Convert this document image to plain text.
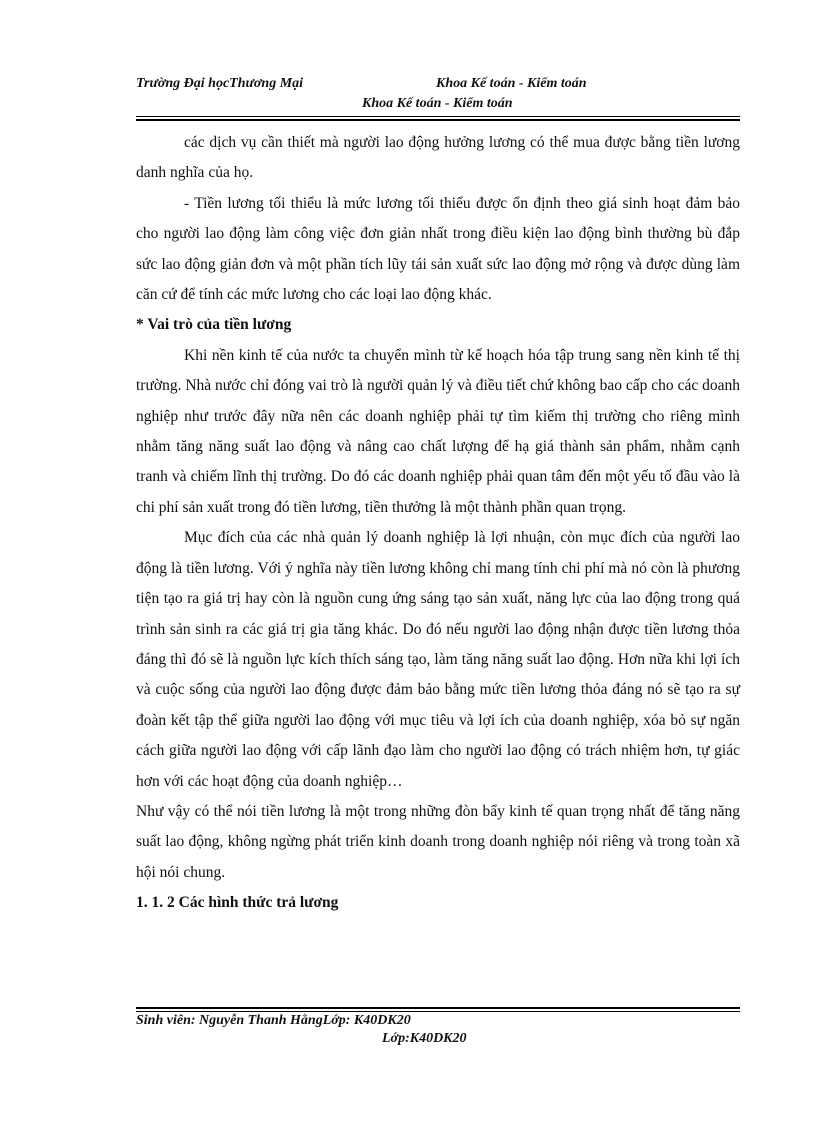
Trường Đại họcThương Mại	Khoa Kế toán - Kiểm toán
Khoa Kế toán - Kiểm toán

các dịch vụ cần thiết mà người lao động hưởng lương có thể mua được bằng tiền lương danh nghĩa của họ.

- Tiền lương tối thiểu là mức lương tối thiểu được ổn định theo giá sinh hoạt đảm bảo cho người lao động làm công việc đơn giản nhất trong điều kiện lao động bình thường bù đắp sức lao động giản đơn và một phần tích lũy tái sản xuất sức lao động mở rộng và được dùng làm căn cứ để tính các mức lương cho các loại lao động khác.

* Vai trò của tiền lương

Khi nền kinh tế của nước ta chuyển mình từ kế hoạch hóa tập trung sang nền kinh tế thị trường. Nhà nước chỉ đóng vai trò là người quản lý và điều tiết chứ không bao cấp cho các doanh nghiệp như trước đây nữa nên các doanh nghiệp phải tự tìm kiếm thị trường cho riêng mình nhằm tăng năng suất lao động và nâng cao chất lượng để hạ giá thành sản phẩm, nhằm cạnh tranh và chiếm lĩnh thị trường. Do đó các doanh nghiệp phải quan tâm đến một yếu tố đầu vào là chi phí sản xuất trong đó tiền lương, tiền thưởng là một thành phần quan trọng.

Mục đích của các nhà quản lý doanh nghiệp là lợi nhuận, còn mục đích của người lao động là tiền lương. Với ý nghĩa này tiền lương không chỉ mang tính chi phí mà nó còn là phương tiện tạo ra giá trị hay còn là nguồn cung ứng sáng tạo sản xuất, năng lực của lao động trong quá trình sản sinh ra các giá trị gia tăng khác. Do đó nếu người lao động nhận được tiền lương thỏa đáng thì đó sẽ là nguồn lực kích thích sáng tạo, làm tăng năng suất lao động. Hơn nữa khi lợi ích và cuộc sống của người lao động được đảm bảo bằng mức tiền lương thỏa đáng nó sẽ tạo ra sự đoàn kết tập thể giữa người lao động với mục tiêu và lợi ích của doanh nghiệp, xóa bỏ sự ngăn cách giữa người lao động với cấp lãnh đạo làm cho người lao động có trách nhiệm hơn, tự giác hơn với các hoạt động của doanh nghiệp…

Như vậy có thể nói tiền lương là một trong những đòn bẩy kinh tế quan trọng nhất để tăng năng suất lao động, không ngừng phát triển kinh doanh trong doanh nghiệp nói riêng và trong toàn xã hội nói chung.

1. 1. 2 Các hình thức trả lương

Sinh viên: Nguyễn Thanh HằngLớp: K40DK20
Lớp:K40DK20
